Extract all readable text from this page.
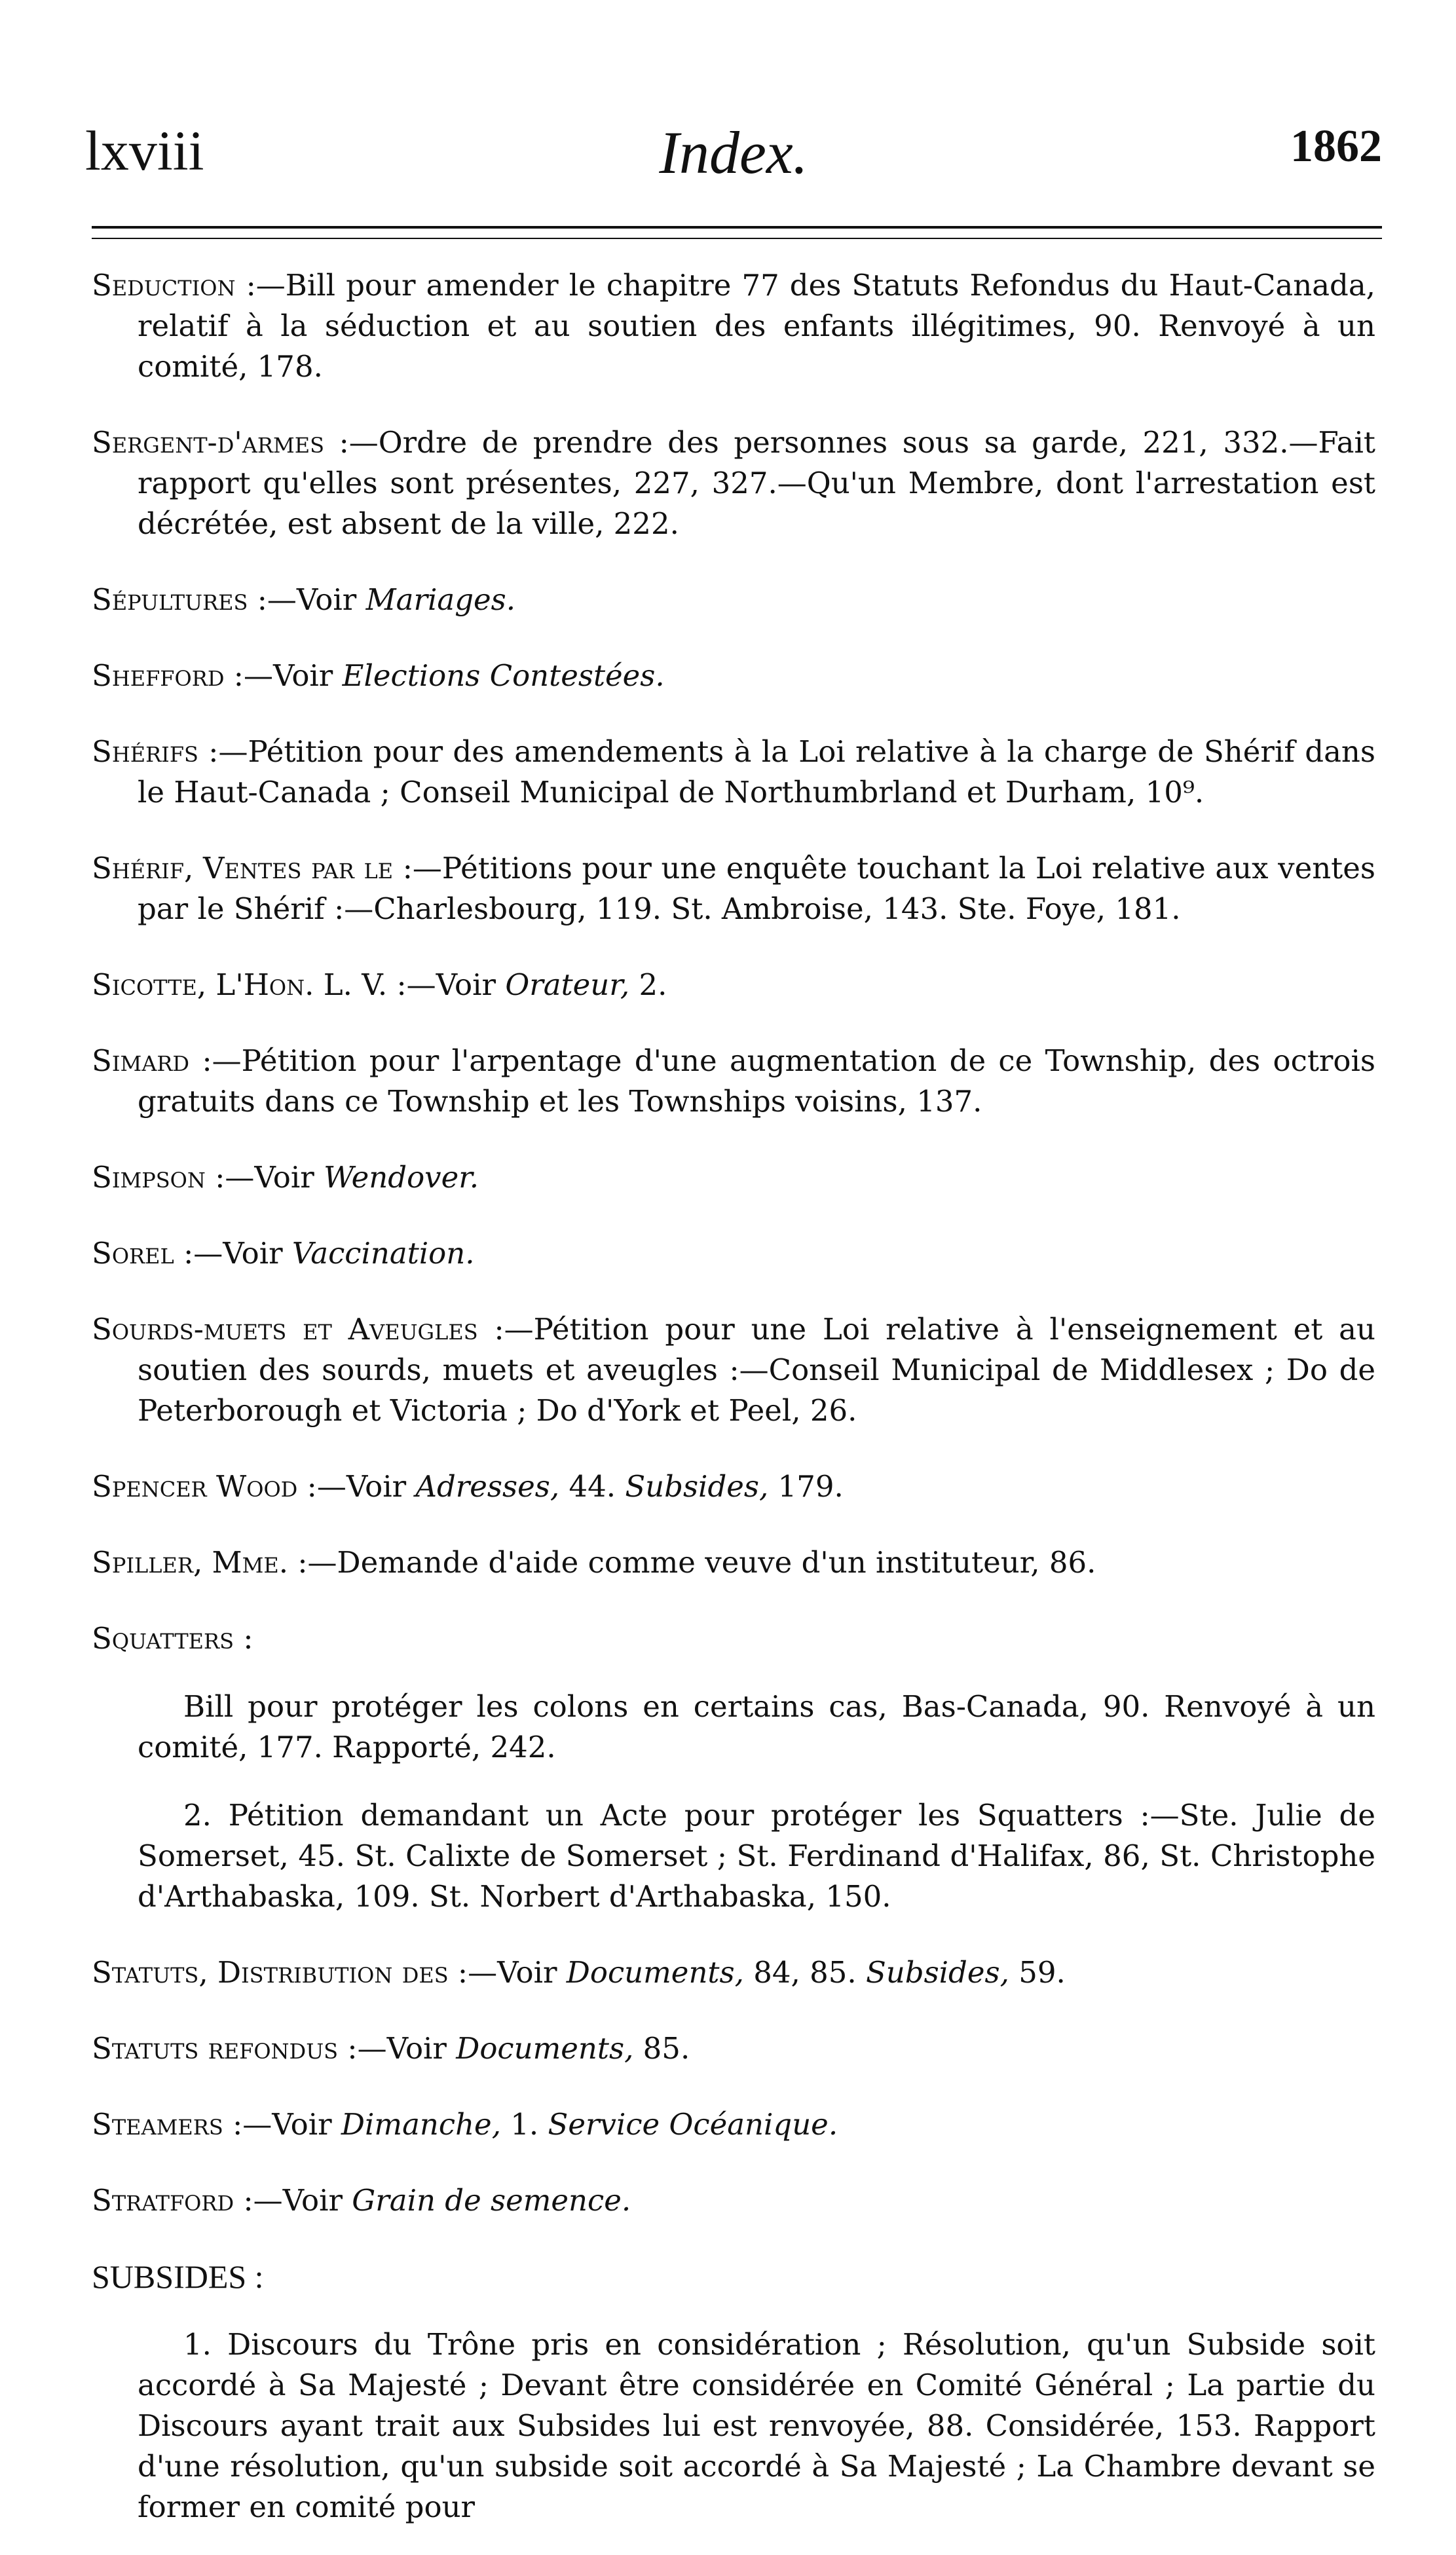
lxviii	Index.	1862

Seduction :—Bill pour amender le chapitre 77 des Statuts Refondus du Haut-Canada, relatif à la séduction et au soutien des enfants illégitimes, 90. Renvoyé à un comité, 178.

Sergent-d'armes :—Ordre de prendre des personnes sous sa garde, 221, 332.—Fait rapport qu'elles sont présentes, 227, 327.—Qu'un Membre, dont l'arrestation est décrétée, est absent de la ville, 222.

Sépultures :—Voir Mariages.

Shefford :—Voir Elections Contestées.

Shérifs :—Pétition pour des amendements à la Loi relative à la charge de Shérif dans le Haut-Canada ; Conseil Municipal de Northumbrland et Durham, 10⁹.

Shérif, Ventes par le :—Pétitions pour une enquête touchant la Loi relative aux ventes par le Shérif :—Charlesbourg, 119. St. Ambroise, 143. Ste. Foye, 181.

Sicotte, L'Hon. L. V. :—Voir Orateur, 2.

Simard :—Pétition pour l'arpentage d'une augmentation de ce Township, des octrois gratuits dans ce Township et les Townships voisins, 137.

Simpson :—Voir Wendover.

Sorel :—Voir Vaccination.

Sourds-muets et Aveugles :—Pétition pour une Loi relative à l'enseignement et au soutien des sourds, muets et aveugles :—Conseil Municipal de Middlesex ; Do de Peterborough et Victoria ; Do d'York et Peel, 26.

Spencer Wood :—Voir Adresses, 44. Subsides, 179.

Spiller, Mme. :—Demande d'aide comme veuve d'un instituteur, 86.

Squatters :

Bill pour protéger les colons en certains cas, Bas-Canada, 90. Renvoyé à un comité, 177. Rapporté, 242.

2. Pétition demandant un Acte pour protéger les Squatters :—Ste. Julie de Somerset, 45. St. Calixte de Somerset ; St. Ferdinand d'Halifax, 86, St. Christophe d'Arthabaska, 109. St. Norbert d'Arthabaska, 150.

Statuts, Distribution des :—Voir Documents, 84, 85. Subsides, 59.

Statuts refondus :—Voir Documents, 85.

Steamers :—Voir Dimanche, 1. Service Océanique.

Stratford :—Voir Grain de semence.

SUBSIDES :

1. Discours du Trône pris en considération ; Résolution, qu'un Subside soit accordé à Sa Majesté ; Devant être considérée en Comité Général ; La partie du Discours ayant trait aux Subsides lui est renvoyée, 88. Considérée, 153. Rapport d'une résolution, qu'un subside soit accordé à Sa Majesté ; La Chambre devant se former en comité pour
